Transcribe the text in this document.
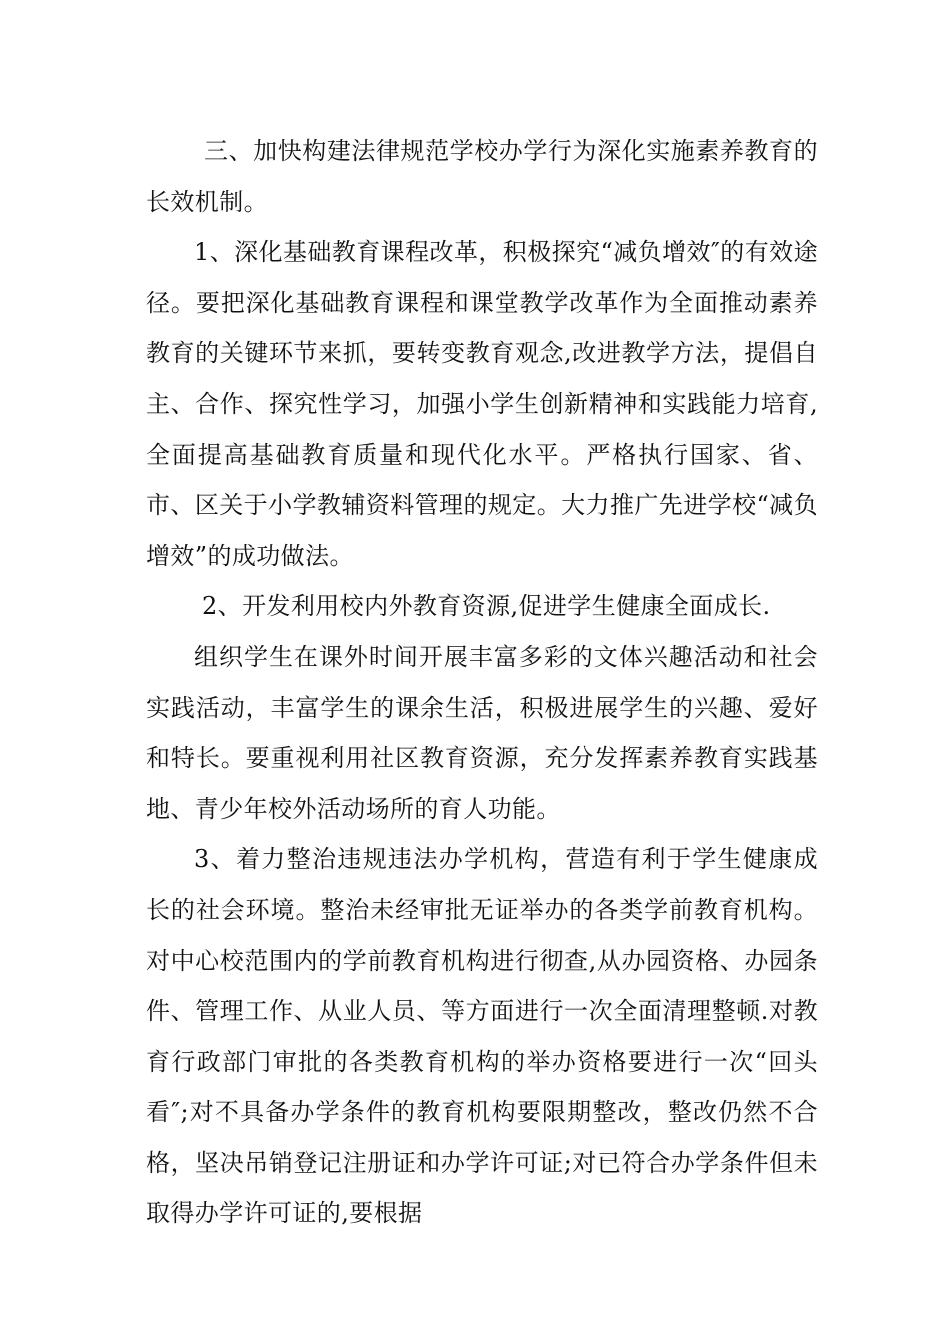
三、加快构建法律规范学校办学行为深化实施素养教育的长效机制。

1、深化基础教育课程改革，积极探究“减负增效″的有效途径。要把深化基础教育课程和课堂教学改革作为全面推动素养教育的关键环节来抓，要转变教育观念,改进教学方法，提倡自主、合作、探究性学习，加强小学生创新精神和实践能力培育,全面提高基础教育质量和现代化水平。严格执行国家、省、市、区关于小学教辅资料管理的规定。大力推广先进学校“减负增效”的成功做法。

2、开发利用校内外教育资源,促进学生健康全面成长.

组织学生在课外时间开展丰富多彩的文体兴趣活动和社会实践活动，丰富学生的课余生活，积极进展学生的兴趣、爱好和特长。要重视利用社区教育资源，充分发挥素养教育实践基地、青少年校外活动场所的育人功能。

3、着力整治违规违法办学机构，营造有利于学生健康成长的社会环境。整治未经审批无证举办的各类学前教育机构。对中心校范围内的学前教育机构进行彻查,从办园资格、办园条件、管理工作、从业人员、等方面进行一次全面清理整顿.对教育行政部门审批的各类教育机构的举办资格要进行一次“回头看″;对不具备办学条件的教育机构要限期整改，整改仍然不合格，坚决吊销登记注册证和办学许可证;对已符合办学条件但未取得办学许可证的,要根据
